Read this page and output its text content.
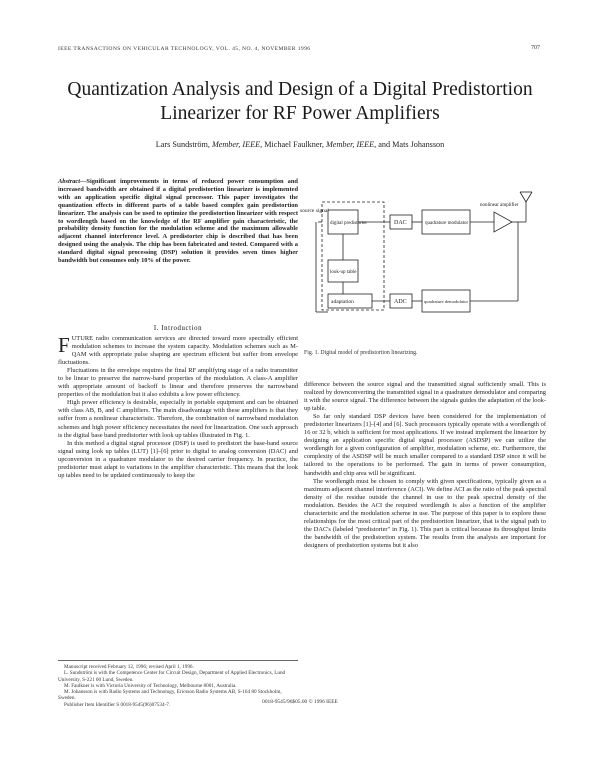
IEEE TRANSACTIONS ON VEHICULAR TECHNOLOGY, VOL. 45, NO. 4, NOVEMBER 1996	707
Quantization Analysis and Design of a Digital Predistortion Linearizer for RF Power Amplifiers
Lars Sundström, Member, IEEE, Michael Faulkner, Member, IEEE, and Mats Johansson
Abstract—Significant improvements in terms of reduced power consumption and increased bandwidth are obtained if a digital predistortion linearizer is implemented with an application specific digital signal processor. This paper investigates the quantization effects in different parts of a table based complex gain predistortion linearizer. The analysis can be used to optimize the predistortion linearizer with respect to wordlength based on the knowledge of the RF amplifier gain characteristic, the probability density function for the modulation scheme and the maximum allowable adjacent channel interference level. A predistorter chip is described that has been designed using the analysis. The chip has been fabricated and tested. Compared with a standard digital signal processing (DSP) solution it provides seven times higher bandwidth but consumes only 10% of the power.
I. Introduction

FUTURE radio communication services are directed toward more spectrally efficient modulation schemes to increase the system capacity. Modulation schemes such as M-QAM with appropriate pulse shaping are spectrum efficient but suffer from envelope fluctuations.

Fluctuations in the envelope requires the final RF amplifying stage of a radio transmitter to be linear to preserve the narrow-band properties of the modulation. A class-A amplifier with appropriate amount of backoff is linear and therefore preserves the narrowband properties of the modulation but it also exhibits a low power efficiency.

High power efficiency is desirable, especially in portable equipment and can be obtained with class AB, B, and C amplifiers. The main disadvantage with these amplifiers is that they suffer from a nonlinear characteristic. Therefore, the combination of narrowband modulation schemes and high power efficiency necessitates the need for linearization. One such approach is the digital base band predistorter with look up tables illustrated in Fig. 1.

In this method a digital signal processor (DSP) is used to predistort the base-band source signal using look up tables (LUT) [1]–[6] prior to digital to analog conversion (DAC) and upconversion in a quadrature modulator to the desired carrier frequency. In practice, the predistorter must adapt to variations in the amplifier characteristic. This means that the look up tables need to be updated continuously to keep the

Manuscript received February 12, 1996; revised April 1, 1996.
L. Sundström is with the Competence Center for Circuit Design, Department of Applied Electronics, Lund University, S-221 00 Lund, Sweden.
M. Faulkner is with Victoria University of Technology, Melbourne 8001, Australia.
M. Johansson is with Radio Systems and Technology, Ericsson Radio Systems AB, S-164 80 Stockholm, Sweden.
Publisher Item Identifier S 0018-9545(96)07534-7.
source signal
digital predistorter	DAC	quadrature modulator
nonlinear amplifier
look-up table
adaptation	ADC	quadrature demodulator
Fig. 1. Digital model of predistortion linearizing.

difference between the source signal and the transmitted signal sufficiently small. This is realized by downconverting the transmitted signal in a quadrature demodulator and comparing it with the source signal. The difference between the signals guides the adaptation of the look-up table.

So far only standard DSP devices have been considered for the implementation of predistorter linearizers [1]–[4] and [6]. Such processors typically operate with a wordlength of 16 or 32 b, which is sufficient for most applications. If we instead implement the linearizer by designing an application specific digital signal processor (ASDSP) we can utilize the wordlength for a given configuration of amplifier, modulation scheme, etc. Furthermore, the complexity of the ASDSP will be much smaller compared to a standard DSP since it will be tailored to the operations to be performed. The gain in terms of power consumption, bandwidth and chip area will be significant.

The wordlength must be chosen to comply with given specifications, typically given as a maximum adjacent channel interference (ACI). We define ACI as the ratio of the peak spectral density of the residue outside the channel in use to the peak spectral density of the modulation. Besides the ACI the required wordlength is also a function of the amplifier characteristic and the modulation scheme in use. The purpose of this paper is to explore these relationships for the most critical part of the predistortion linearizer, that is the signal path to the DAC's (labeled "predistorter" in Fig. 1). This part is critical because its throughput limits the bandwidth of the predistortion system. The results from the analysis are important for designers of predistortion systems but it also

0018-9545/96$05.00 © 1996 IEEE
